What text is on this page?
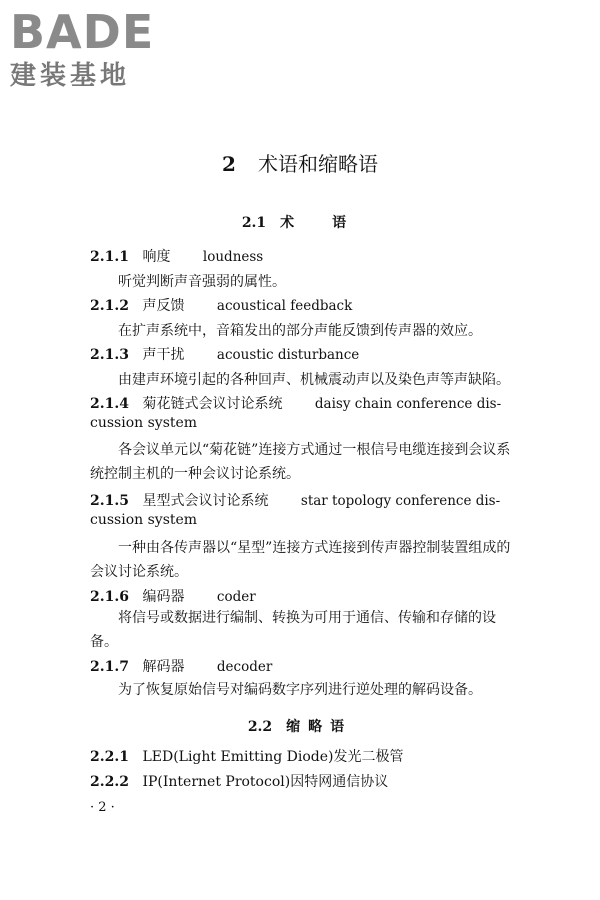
BADE
建装基地
2 术语和缩略语
2.1 术　语
2.1.1 响度 loudness
听觉判断声音强弱的属性。
2.1.2 声反馈 acoustical feedback
在扩声系统中，音箱发出的部分声能反馈到传声器的效应。
2.1.3 声干扰 acoustic disturbance
由建声环境引起的各种回声、机械震动声以及染色声等声缺陷。
2.1.4 菊花链式会议讨论系统 daisy chain conference dis-
cussion system
各会议单元以“菊花链”连接方式通过一根信号电缆连接到会议系统控制主机的一种会议讨论系统。
2.1.5 星型式会议讨论系统 star topology conference dis-
cussion system
一种由各传声器以“星型”连接方式连接到传声器控制装置组成的会议讨论系统。
2.1.6 编码器 coder
将信号或数据进行编制、转换为可用于通信、传输和存储的设备。
2.1.7 解码器 decoder
为了恢复原始信号对编码数字序列进行逆处理的解码设备。
2.2 缩略语
2.2.1 LED(Light Emitting Diode)发光二极管
2.2.2 IP(Internet Protocol)因特网通信协议
· 2 ·
